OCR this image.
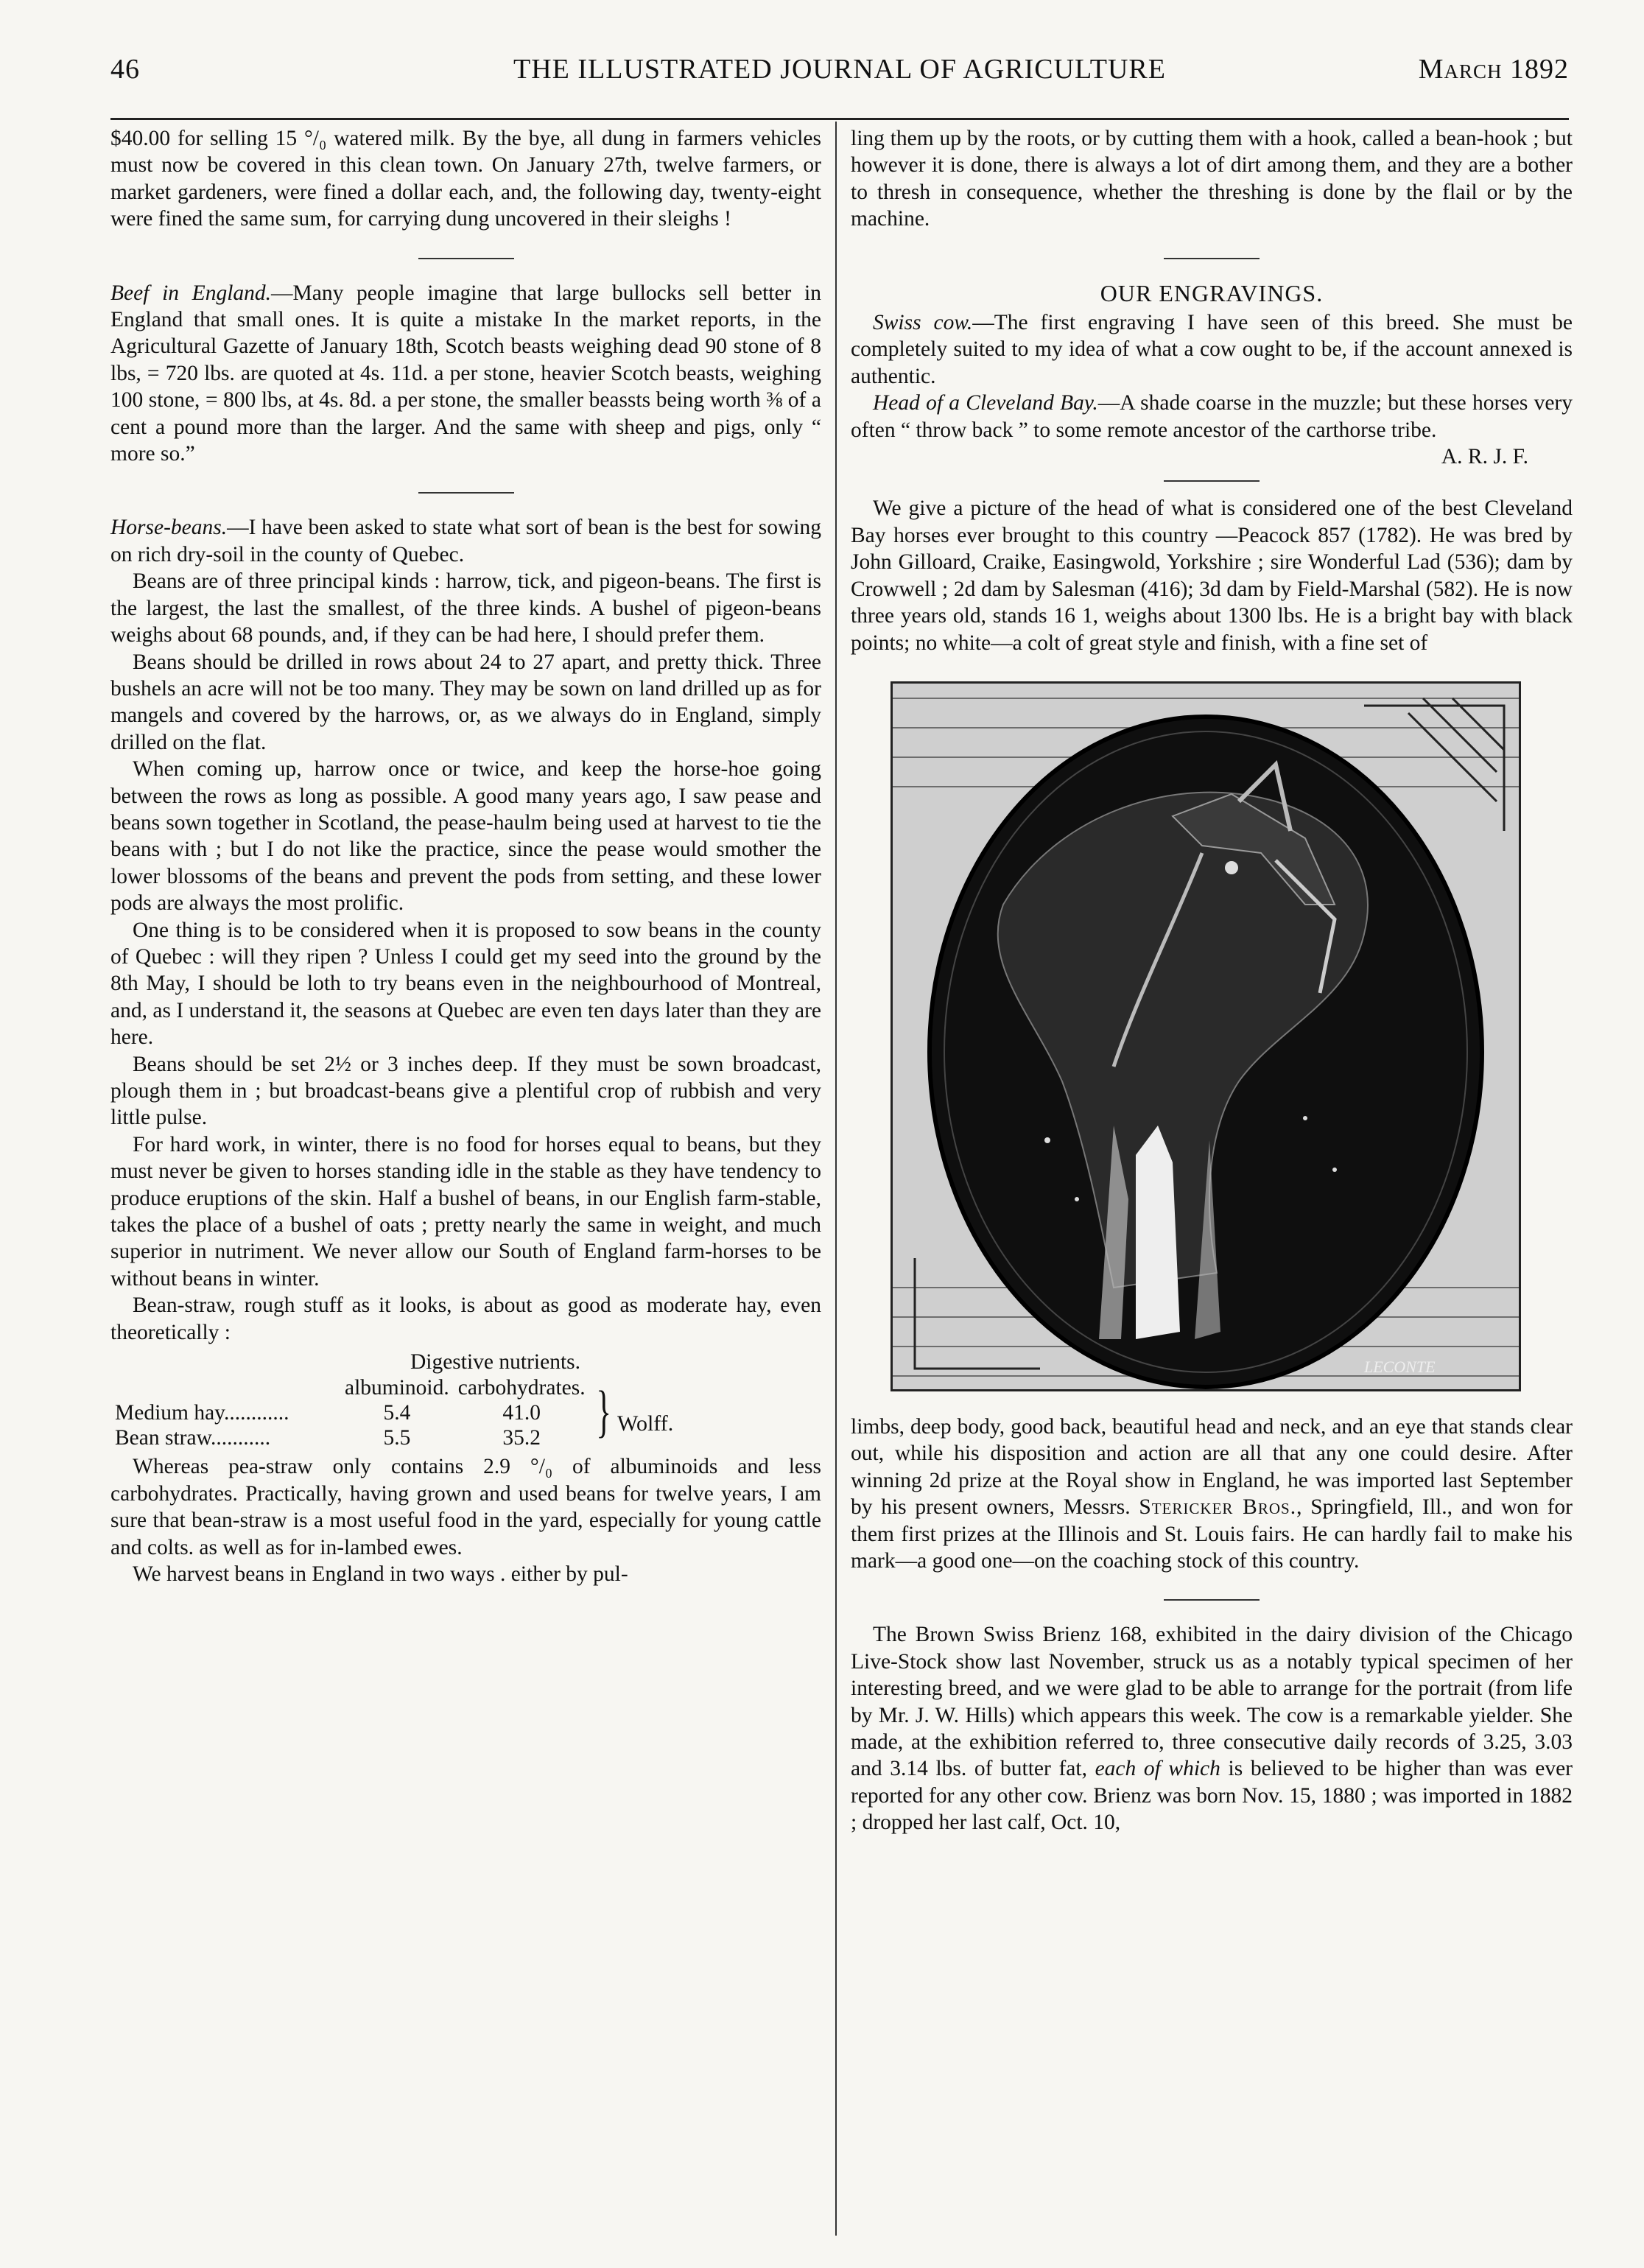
46	THE ILLUSTRATED JOURNAL OF AGRICULTURE	March 1892

$40.00 for selling 15 °/₀ watered milk. By the bye, all dung in farmers vehicles must now be covered in this clean town. On January 27th, twelve farmers, or market gardeners, were fined a dollar each, and, the following day, twenty-eight were fined the same sum, for carrying dung uncovered in their sleighs !

Beef in England.—Many people imagine that large bullocks sell better in England that small ones. It is quite a mistake In the market reports, in the Agricultural Gazette of January 18th, Scotch beasts weighing dead 90 stone of 8 lbs, = 720 lbs. are quoted at 4s. 11d. a per stone, heavier Scotch beasts, weighing 100 stone, = 800 lbs, at 4s. 8d. a per stone, the smaller beassts being worth ⅜ of a cent a pound more than the larger. And the same with sheep and pigs, only “ more so.”

Horse-beans.—I have been asked to state what sort of bean is the best for sowing on rich dry-soil in the county of Quebec.

Beans are of three principal kinds : harrow, tick, and pigeon-beans. The first is the largest, the last the smallest, of the three kinds. A bushel of pigeon-beans weighs about 68 pounds, and, if they can be had here, I should prefer them.

Beans should be drilled in rows about 24 to 27 apart, and pretty thick. Three bushels an acre will not be too many. They may be sown on land drilled up as for mangels and covered by the harrows, or, as we always do in England, simply drilled on the flat.

When coming up, harrow once or twice, and keep the horse-hoe going between the rows as long as possible. A good many years ago, I saw pease and beans sown together in Scotland, the pease-haulm being used at harvest to tie the beans with ; but I do not like the practice, since the pease would smother the lower blossoms of the beans and prevent the pods from setting, and these lower pods are always the most prolific.

One thing is to be considered when it is proposed to sow beans in the county of Quebec : will they ripen ? Unless I could get my seed into the ground by the 8th May, I should be loth to try beans even in the neighbourhood of Montreal, and, as I understand it, the seasons at Quebec are even ten days later than they are here.

Beans should be set 2½ or 3 inches deep. If they must be sown broadcast, plough them in ; but broadcast-beans give a plentiful crop of rubbish and very little pulse.

For hard work, in winter, there is no food for horses equal to beans, but they must never be given to horses standing idle in the stable as they have tendency to produce eruptions of the skin. Half a bushel of beans, in our English farm-stable, takes the place of a bushel of oats ; pretty nearly the same in weight, and much superior in nutriment. We never allow our South of England farm-horses to be without beans in winter.

Bean-straw, rough stuff as it looks, is about as good as moderate hay, even theoretically :

Digestive nutrients.
	albuminoid.	carbohydrates.	} Wolff.
Medium hay............	5.4	41.0	
Bean straw...........	5.5	35.2	

Whereas pea-straw only contains 2.9 °/₀ of albuminoids and less carbohydrates. Practically, having grown and used beans for twelve years, I am sure that bean-straw is a most useful food in the yard, especially for young cattle and colts. as well as for in-lambed ewes.

We harvest beans in England in two ways . either by pul-

ling them up by the roots, or by cutting them with a hook, called a bean-hook ; but however it is done, there is always a lot of dirt among them, and they are a bother to thresh in consequence, whether the threshing is done by the flail or by the machine.

OUR ENGRAVINGS.

Swiss cow.—The first engraving I have seen of this breed. She must be completely suited to my idea of what a cow ought to be, if the account annexed is authentic.

Head of a Cleveland Bay.—A shade coarse in the muzzle; but these horses very often “ throw back ” to some remote ancestor of the carthorse tribe.

A. R. J. F.

We give a picture of the head of what is considered one of the best Cleveland Bay horses ever brought to this country —Peacock 857 (1782). He was bred by John Gilloard, Craike, Easingwold, Yorkshire ; sire Wonderful Lad (536); dam by Crowwell ; 2d dam by Salesman (416); 3d dam by Field-Marshal (582). He is now three years old, stands 16 1, weighs about 1300 lbs. He is a bright bay with black points; no white—a colt of great style and finish, with a fine set of

LECONTE

limbs, deep body, good back, beautiful head and neck, and an eye that stands clear out, while his disposition and action are all that any one could desire. After winning 2d prize at the Royal show in England, he was imported last September by his present owners, Messrs. Stericker Bros., Springfield, Ill., and won for them first prizes at the Illinois and St. Louis fairs. He can hardly fail to make his mark—a good one—on the coaching stock of this country.

The Brown Swiss Brienz 168, exhibited in the dairy division of the Chicago Live-Stock show last November, struck us as a notably typical specimen of her interesting breed, and we were glad to be able to arrange for the portrait (from life by Mr. J. W. Hills) which appears this week. The cow is a remarkable yielder. She made, at the exhibition referred to, three consecutive daily records of 3.25, 3.03 and 3.14 lbs. of butter fat, each of which is believed to be higher than was ever reported for any other cow. Brienz was born Nov. 15, 1880 ; was imported in 1882 ; dropped her last calf, Oct. 10,
